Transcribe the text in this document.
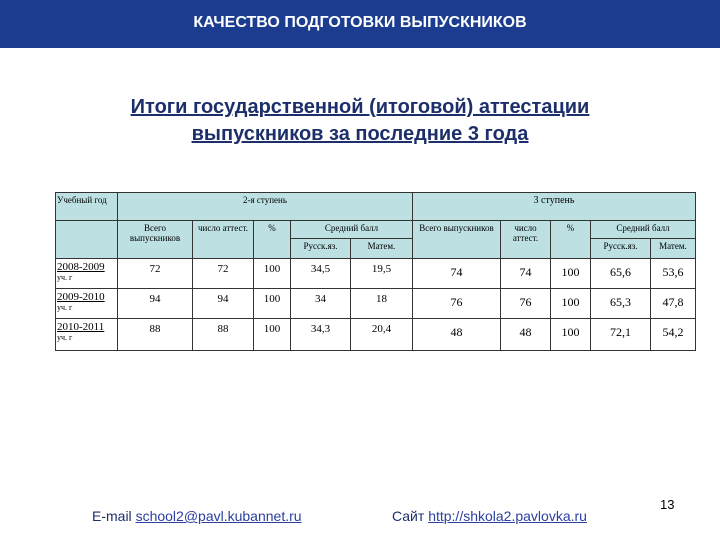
КАЧЕСТВО ПОДГОТОВКИ ВЫПУСКНИКОВ
Итоги государственной (итоговой) аттестации
выпускников за последние 3 года
Учебный год	2-я ступень					3 ступень				
	Всего выпускников	число аттест.	%	Средний балл		Всего выпускников	число аттест.	%	Средний балл	
				Русск.яз.	Матем.				Русск.яз.	Матем.

2008-2009
уч. г	72	72	100	34,5	19,5	74	74	100	65,6	53,6

2009-2010
уч. г	94	94	100	34	18	76	76	100	65,3	47,8

2010-2011
уч. г	88	88	100	34,3	20,4	48	48	100	72,1	54,2
E-mail school2@pavl.kubannet.ru	Сайт http://shkola2.pavlovka.ru
13
